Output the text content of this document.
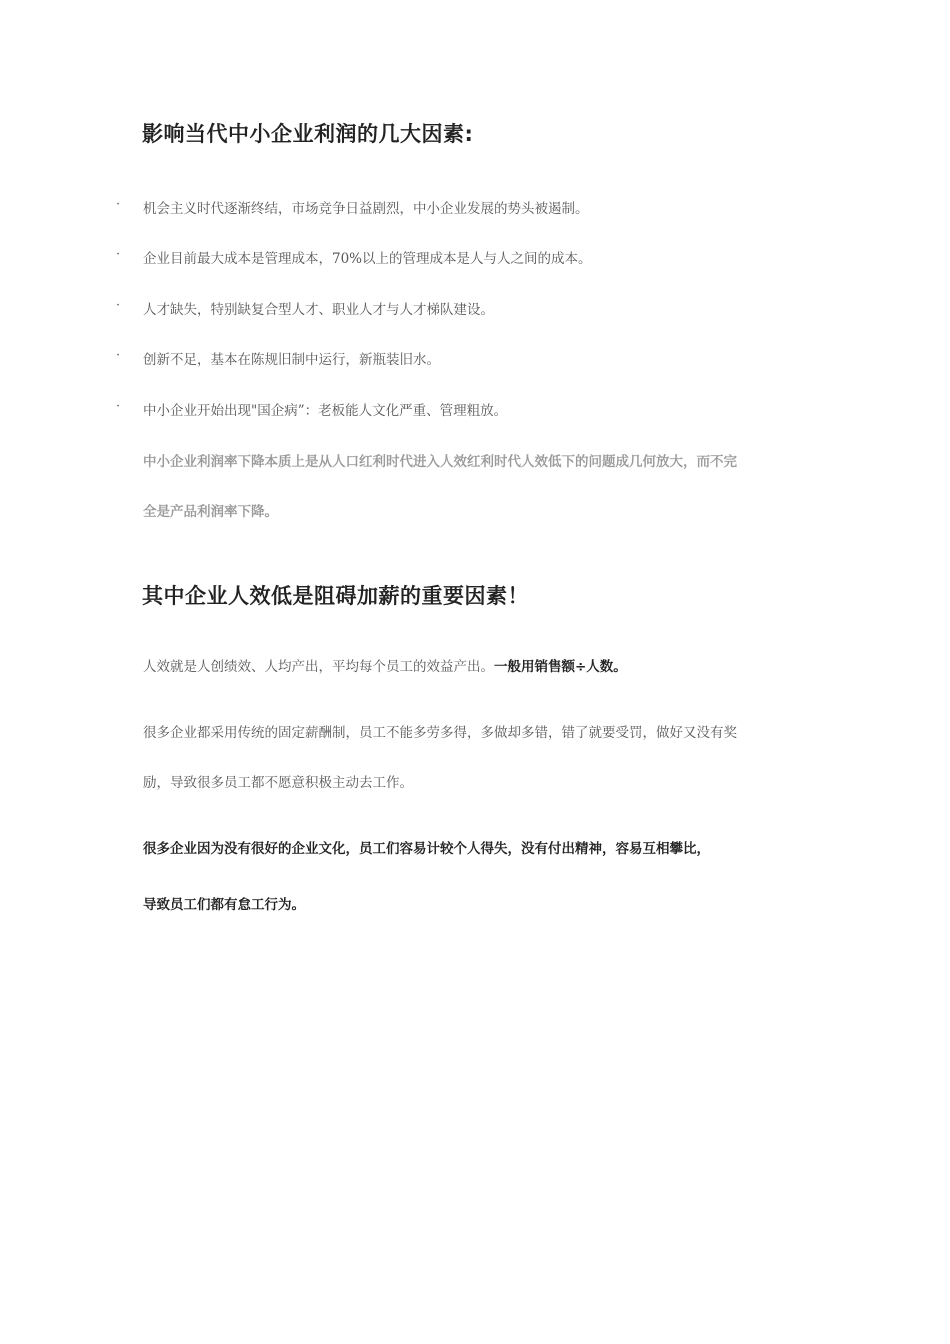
影响当代中小企业利润的几大因素:
· 机会主义时代逐渐终结，市场竞争日益剧烈，中小企业发展的势头被遏制。
· 企业目前最大成本是管理成本，70%以上的管理成本是人与人之间的成本。
· 人才缺失，特别缺复合型人才、职业人才与人才梯队建设。
· 创新不足，基本在陈规旧制中运行，新瓶装旧水。
· 中小企业开始出现"国企病”：老板能人文化严重、管理粗放。
中小企业利润率下降本质上是从人口红利时代进入人效红利时代人效低下的问题成几何放大，而不完
全是产品利润率下降。
其中企业人效低是阻碍加薪的重要因素！
人效就是人创绩效、人均产出，平均每个员工的效益产出。一般用销售额÷人数。
很多企业都采用传统的固定薪酬制，员工不能多劳多得，多做却多错，错了就要受罚，做好又没有奖
励，导致很多员工都不愿意积极主动去工作。
很多企业因为没有很好的企业文化，员工们容易计较个人得失，没有付出精神，容易互相攀比，
导致员工们都有怠工行为。
